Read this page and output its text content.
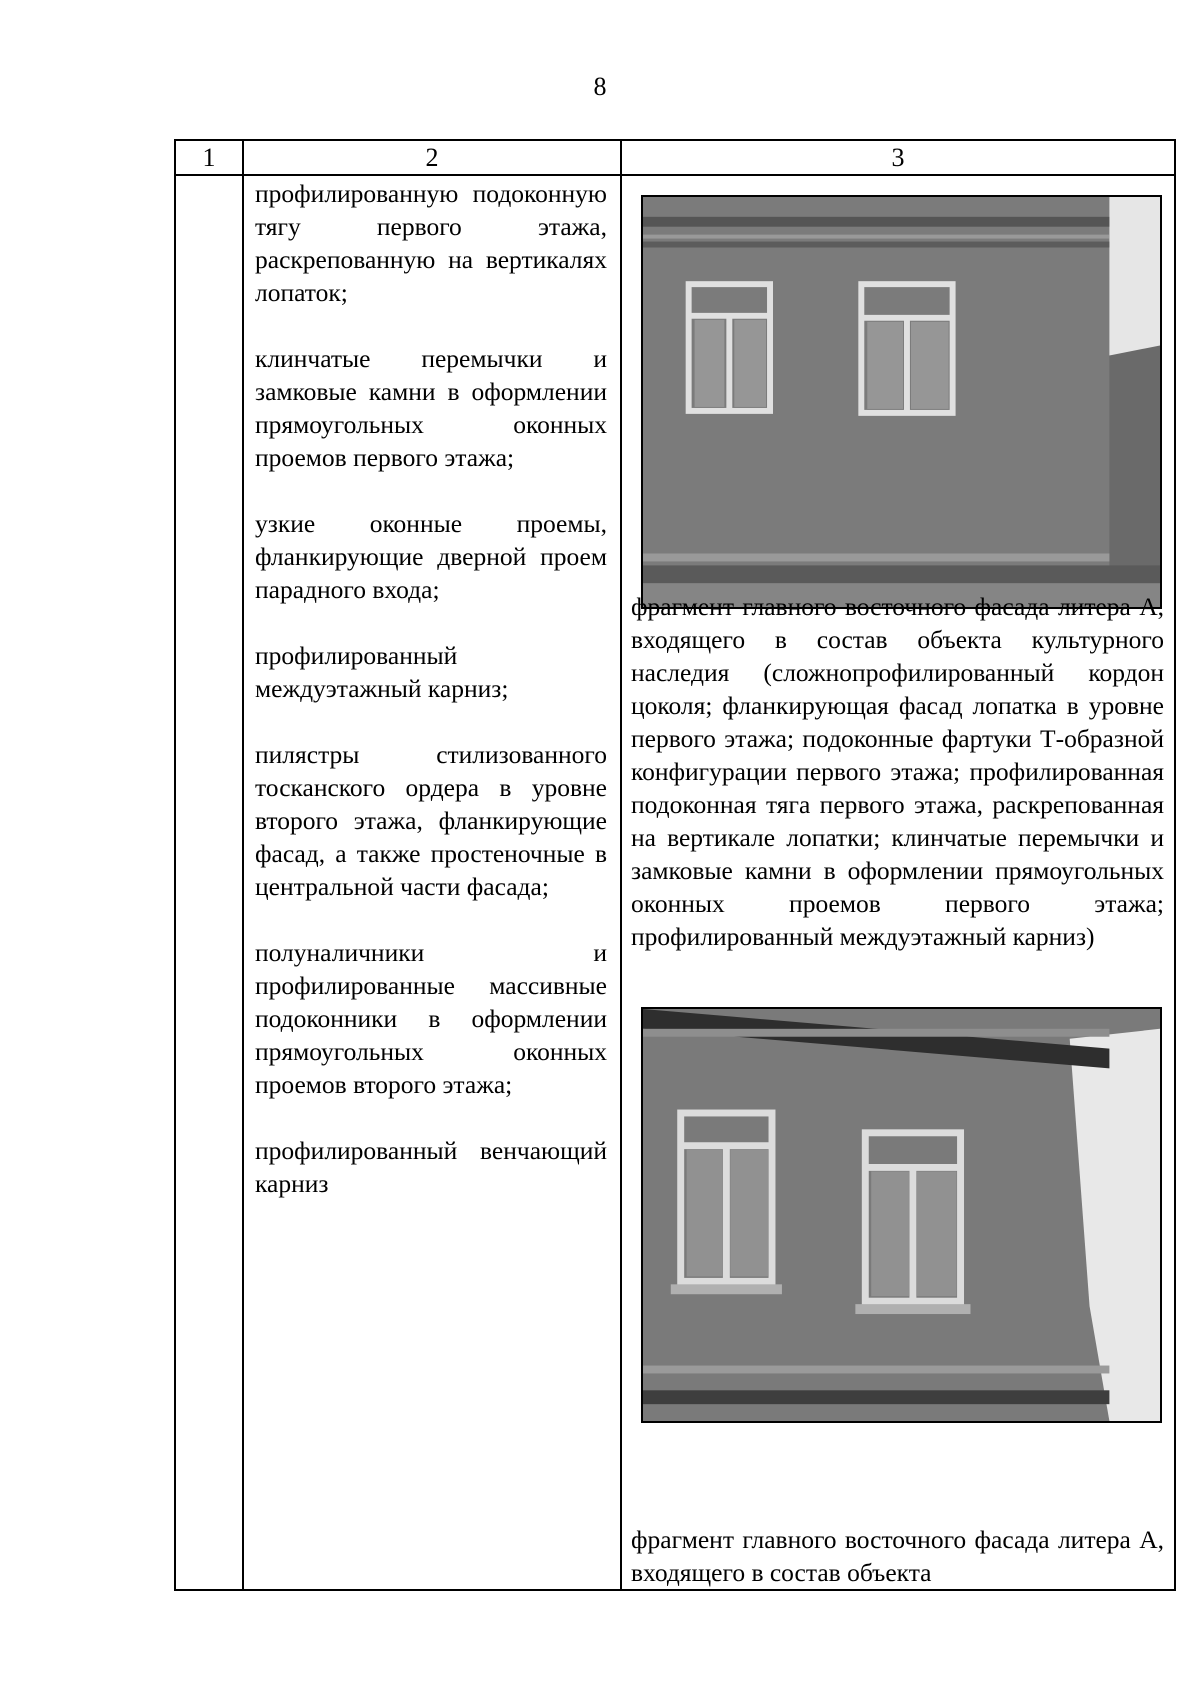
8
1	2	3

профилированную подоконную тягу первого этажа, раскрепованную на вертикалях лопаток;

клинчатые перемычки и замковые камни в оформлении прямоугольных оконных проемов первого этажа;

узкие оконные проемы, фланкирующие дверной проем парадного входа;

профилированный междуэтажный карниз;

пилястры стилизованного тосканского ордера в уровне второго этажа, фланкирующие фасад, а также простеночные в центральной части фасада;

полуналичники и профилированные массивные подоконники в оформлении прямоугольных оконных проемов второго этажа;

профилированный венчающий карниз

фрагмент главного восточного фасада литера А, входящего в состав объекта культурного наследия (сложнопрофилированный кордон цоколя; фланкирующая фасад лопатка в уровне первого этажа; подоконные фартуки Т-образной конфигурации первого этажа; профилированная подоконная тяга первого этажа, раскрепованная на вертикале лопатки; клинчатые перемычки и замковые камни в оформлении прямоугольных оконных проемов первого этажа; профилированный междуэтажный карниз)
фрагмент главного восточного фасада литера А, входящего в состав объекта
